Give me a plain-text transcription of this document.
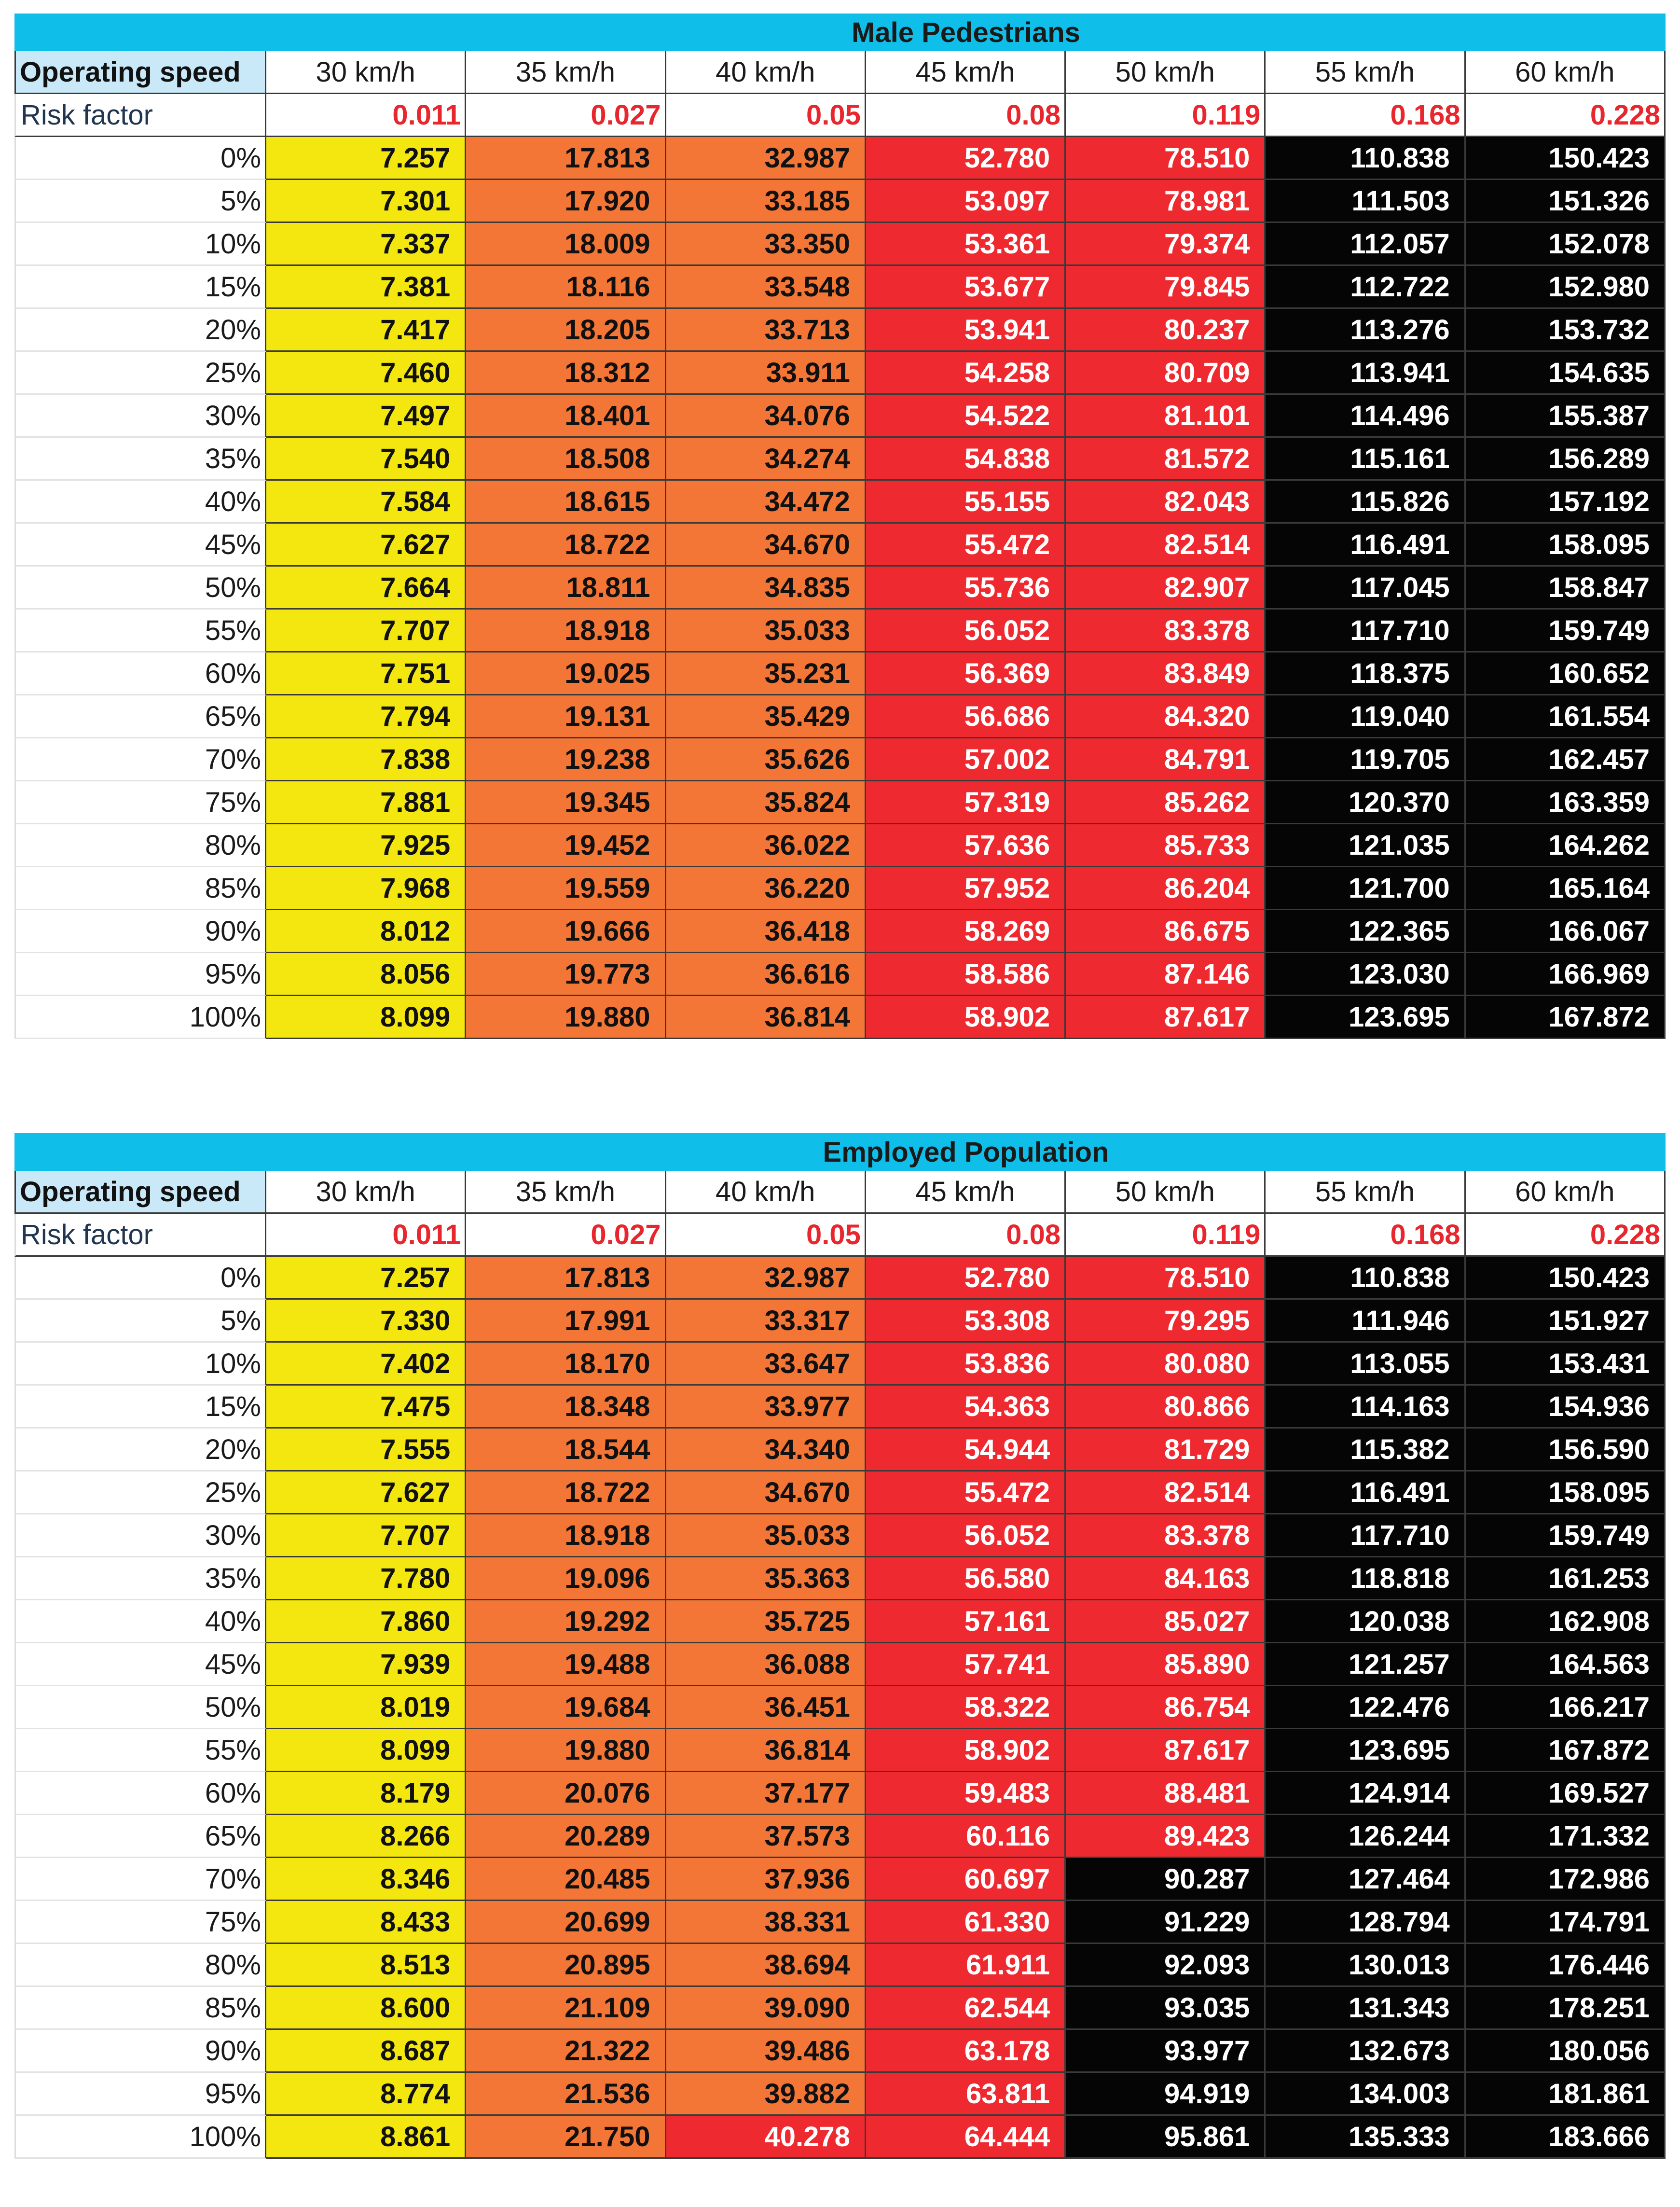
Male Pedestrians
Operating speed	30 km/h	35 km/h	40 km/h	45 km/h	50 km/h	55 km/h	60 km/h
Risk factor	0.011	0.027	0.05	0.08	0.119	0.168	0.228
0%	7.257	17.813	32.987	52.780	78.510	110.838	150.423
5%	7.301	17.920	33.185	53.097	78.981	111.503	151.326
10%	7.337	18.009	33.350	53.361	79.374	112.057	152.078
15%	7.381	18.116	33.548	53.677	79.845	112.722	152.980
20%	7.417	18.205	33.713	53.941	80.237	113.276	153.732
25%	7.460	18.312	33.911	54.258	80.709	113.941	154.635
30%	7.497	18.401	34.076	54.522	81.101	114.496	155.387
35%	7.540	18.508	34.274	54.838	81.572	115.161	156.289
40%	7.584	18.615	34.472	55.155	82.043	115.826	157.192
45%	7.627	18.722	34.670	55.472	82.514	116.491	158.095
50%	7.664	18.811	34.835	55.736	82.907	117.045	158.847
55%	7.707	18.918	35.033	56.052	83.378	117.710	159.749
60%	7.751	19.025	35.231	56.369	83.849	118.375	160.652
65%	7.794	19.131	35.429	56.686	84.320	119.040	161.554
70%	7.838	19.238	35.626	57.002	84.791	119.705	162.457
75%	7.881	19.345	35.824	57.319	85.262	120.370	163.359
80%	7.925	19.452	36.022	57.636	85.733	121.035	164.262
85%	7.968	19.559	36.220	57.952	86.204	121.700	165.164
90%	8.012	19.666	36.418	58.269	86.675	122.365	166.067
95%	8.056	19.773	36.616	58.586	87.146	123.030	166.969
100%	8.099	19.880	36.814	58.902	87.617	123.695	167.872
Employed Population
Operating speed	30 km/h	35 km/h	40 km/h	45 km/h	50 km/h	55 km/h	60 km/h
Risk factor	0.011	0.027	0.05	0.08	0.119	0.168	0.228
0%	7.257	17.813	32.987	52.780	78.510	110.838	150.423
5%	7.330	17.991	33.317	53.308	79.295	111.946	151.927
10%	7.402	18.170	33.647	53.836	80.080	113.055	153.431
15%	7.475	18.348	33.977	54.363	80.866	114.163	154.936
20%	7.555	18.544	34.340	54.944	81.729	115.382	156.590
25%	7.627	18.722	34.670	55.472	82.514	116.491	158.095
30%	7.707	18.918	35.033	56.052	83.378	117.710	159.749
35%	7.780	19.096	35.363	56.580	84.163	118.818	161.253
40%	7.860	19.292	35.725	57.161	85.027	120.038	162.908
45%	7.939	19.488	36.088	57.741	85.890	121.257	164.563
50%	8.019	19.684	36.451	58.322	86.754	122.476	166.217
55%	8.099	19.880	36.814	58.902	87.617	123.695	167.872
60%	8.179	20.076	37.177	59.483	88.481	124.914	169.527
65%	8.266	20.289	37.573	60.116	89.423	126.244	171.332
70%	8.346	20.485	37.936	60.697	90.287	127.464	172.986
75%	8.433	20.699	38.331	61.330	91.229	128.794	174.791
80%	8.513	20.895	38.694	61.911	92.093	130.013	176.446
85%	8.600	21.109	39.090	62.544	93.035	131.343	178.251
90%	8.687	21.322	39.486	63.178	93.977	132.673	180.056
95%	8.774	21.536	39.882	63.811	94.919	134.003	181.861
100%	8.861	21.750	40.278	64.444	95.861	135.333	183.666
